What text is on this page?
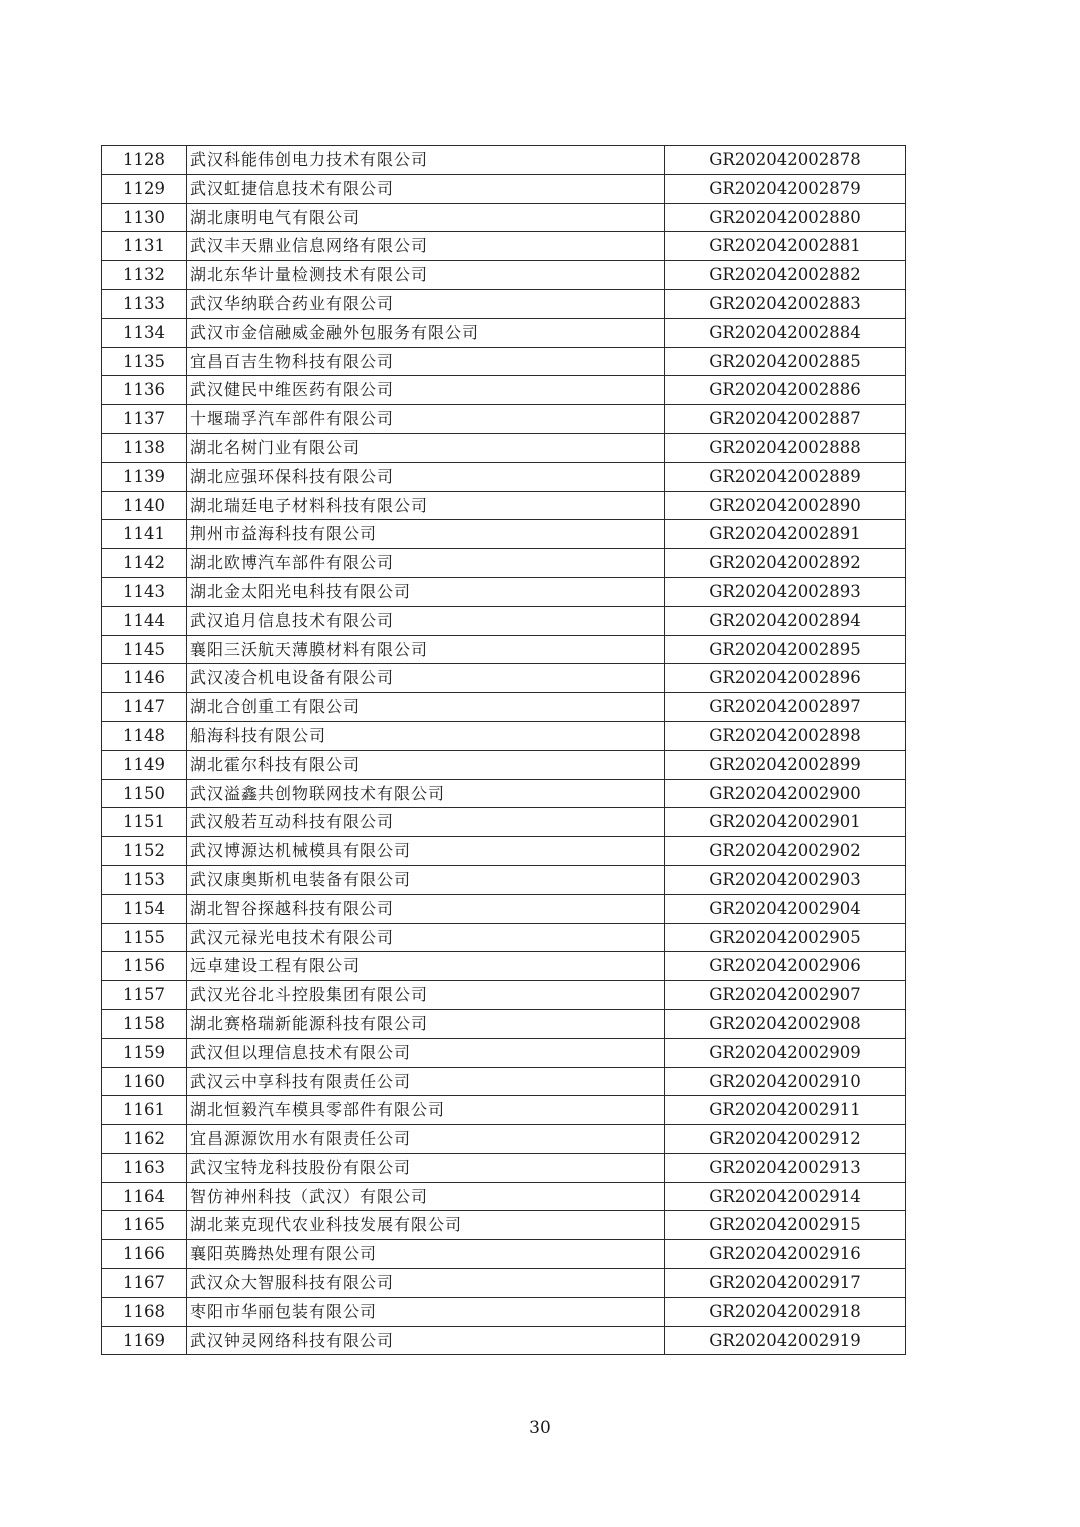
1128	武汉科能伟创电力技术有限公司	GR202042002878
1129	武汉虹捷信息技术有限公司	GR202042002879
1130	湖北康明电气有限公司	GR202042002880
1131	武汉丰天鼎业信息网络有限公司	GR202042002881
1132	湖北东华计量检测技术有限公司	GR202042002882
1133	武汉华纳联合药业有限公司	GR202042002883
1134	武汉市金信融威金融外包服务有限公司	GR202042002884
1135	宜昌百吉生物科技有限公司	GR202042002885
1136	武汉健民中维医药有限公司	GR202042002886
1137	十堰瑞孚汽车部件有限公司	GR202042002887
1138	湖北名树门业有限公司	GR202042002888
1139	湖北应强环保科技有限公司	GR202042002889
1140	湖北瑞廷电子材料科技有限公司	GR202042002890
1141	荆州市益海科技有限公司	GR202042002891
1142	湖北欧博汽车部件有限公司	GR202042002892
1143	湖北金太阳光电科技有限公司	GR202042002893
1144	武汉追月信息技术有限公司	GR202042002894
1145	襄阳三沃航天薄膜材料有限公司	GR202042002895
1146	武汉凌合机电设备有限公司	GR202042002896
1147	湖北合创重工有限公司	GR202042002897
1148	船海科技有限公司	GR202042002898
1149	湖北霍尔科技有限公司	GR202042002899
1150	武汉溢鑫共创物联网技术有限公司	GR202042002900
1151	武汉般若互动科技有限公司	GR202042002901
1152	武汉博源达机械模具有限公司	GR202042002902
1153	武汉康奥斯机电装备有限公司	GR202042002903
1154	湖北智谷探越科技有限公司	GR202042002904
1155	武汉元禄光电技术有限公司	GR202042002905
1156	远卓建设工程有限公司	GR202042002906
1157	武汉光谷北斗控股集团有限公司	GR202042002907
1158	湖北赛格瑞新能源科技有限公司	GR202042002908
1159	武汉但以理信息技术有限公司	GR202042002909
1160	武汉云中享科技有限责任公司	GR202042002910
1161	湖北恒毅汽车模具零部件有限公司	GR202042002911
1162	宜昌源源饮用水有限责任公司	GR202042002912
1163	武汉宝特龙科技股份有限公司	GR202042002913
1164	智仿神州科技（武汉）有限公司	GR202042002914
1165	湖北莱克现代农业科技发展有限公司	GR202042002915
1166	襄阳英腾热处理有限公司	GR202042002916
1167	武汉众大智服科技有限公司	GR202042002917
1168	枣阳市华丽包装有限公司	GR202042002918
1169	武汉钟灵网络科技有限公司	GR202042002919
30
